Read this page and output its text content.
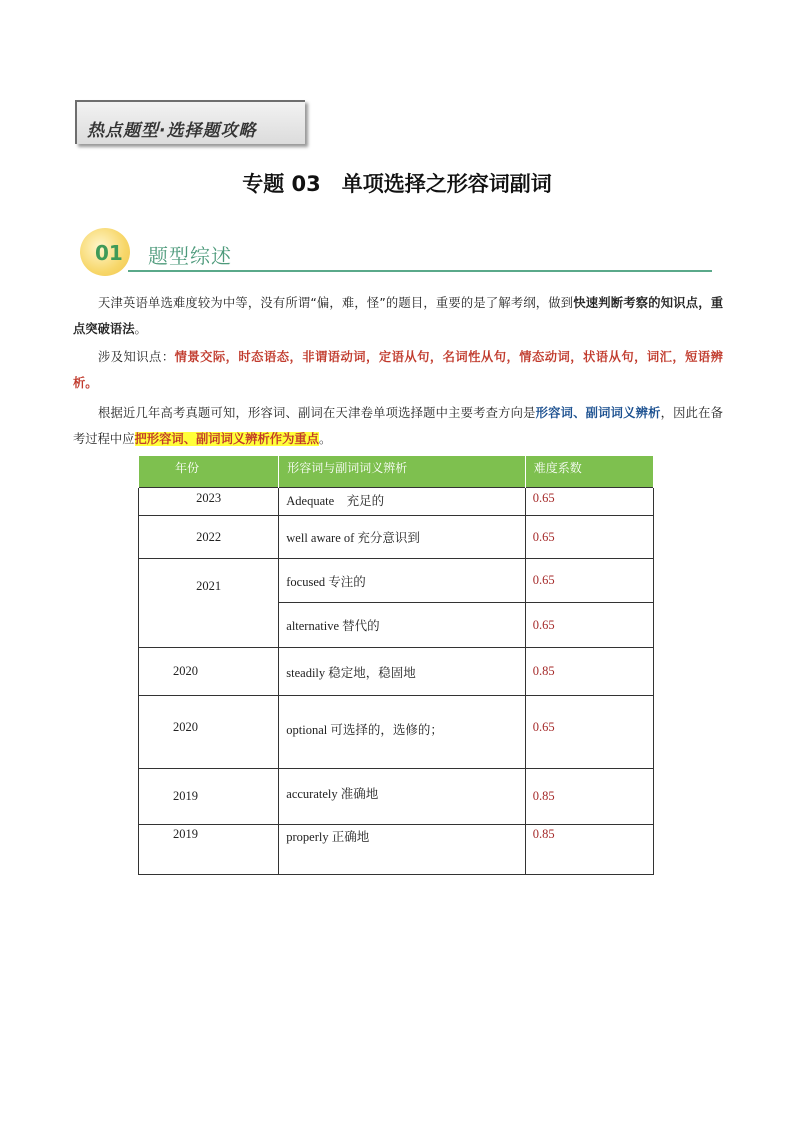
热点题型·选择题攻略
专题 03　单项选择之形容词副词
01 题型综述
天津英语单选难度较为中等，没有所谓“偏，难，怪”的题目，重要的是了解考纲，做到快速判断考察的知识点，重点突破语法。
涉及知识点：情景交际，时态语态，非谓语动词，定语从句，名词性从句，情态动词，状语从句，词汇，短语辨析。
根据近几年高考真题可知，形容词、副词在天津卷单项选择题中主要考查方向是形容词、副词词义辨析，因此在备考过程中应把形容词、副词词义辨析作为重点。
年份	形容词与副词词义辨析	难度系数
2023	Adequate　充足的	0.65
2022	well aware of 充分意识到	0.65
2021	focused 专注的	0.65
	alternative 替代的	0.65
2020	steadily 稳定地，稳固地	0.85
2020	optional 可选择的，选修的；	0.65
2019	accurately 准确地	0.85
2019	properly 正确地	0.85
